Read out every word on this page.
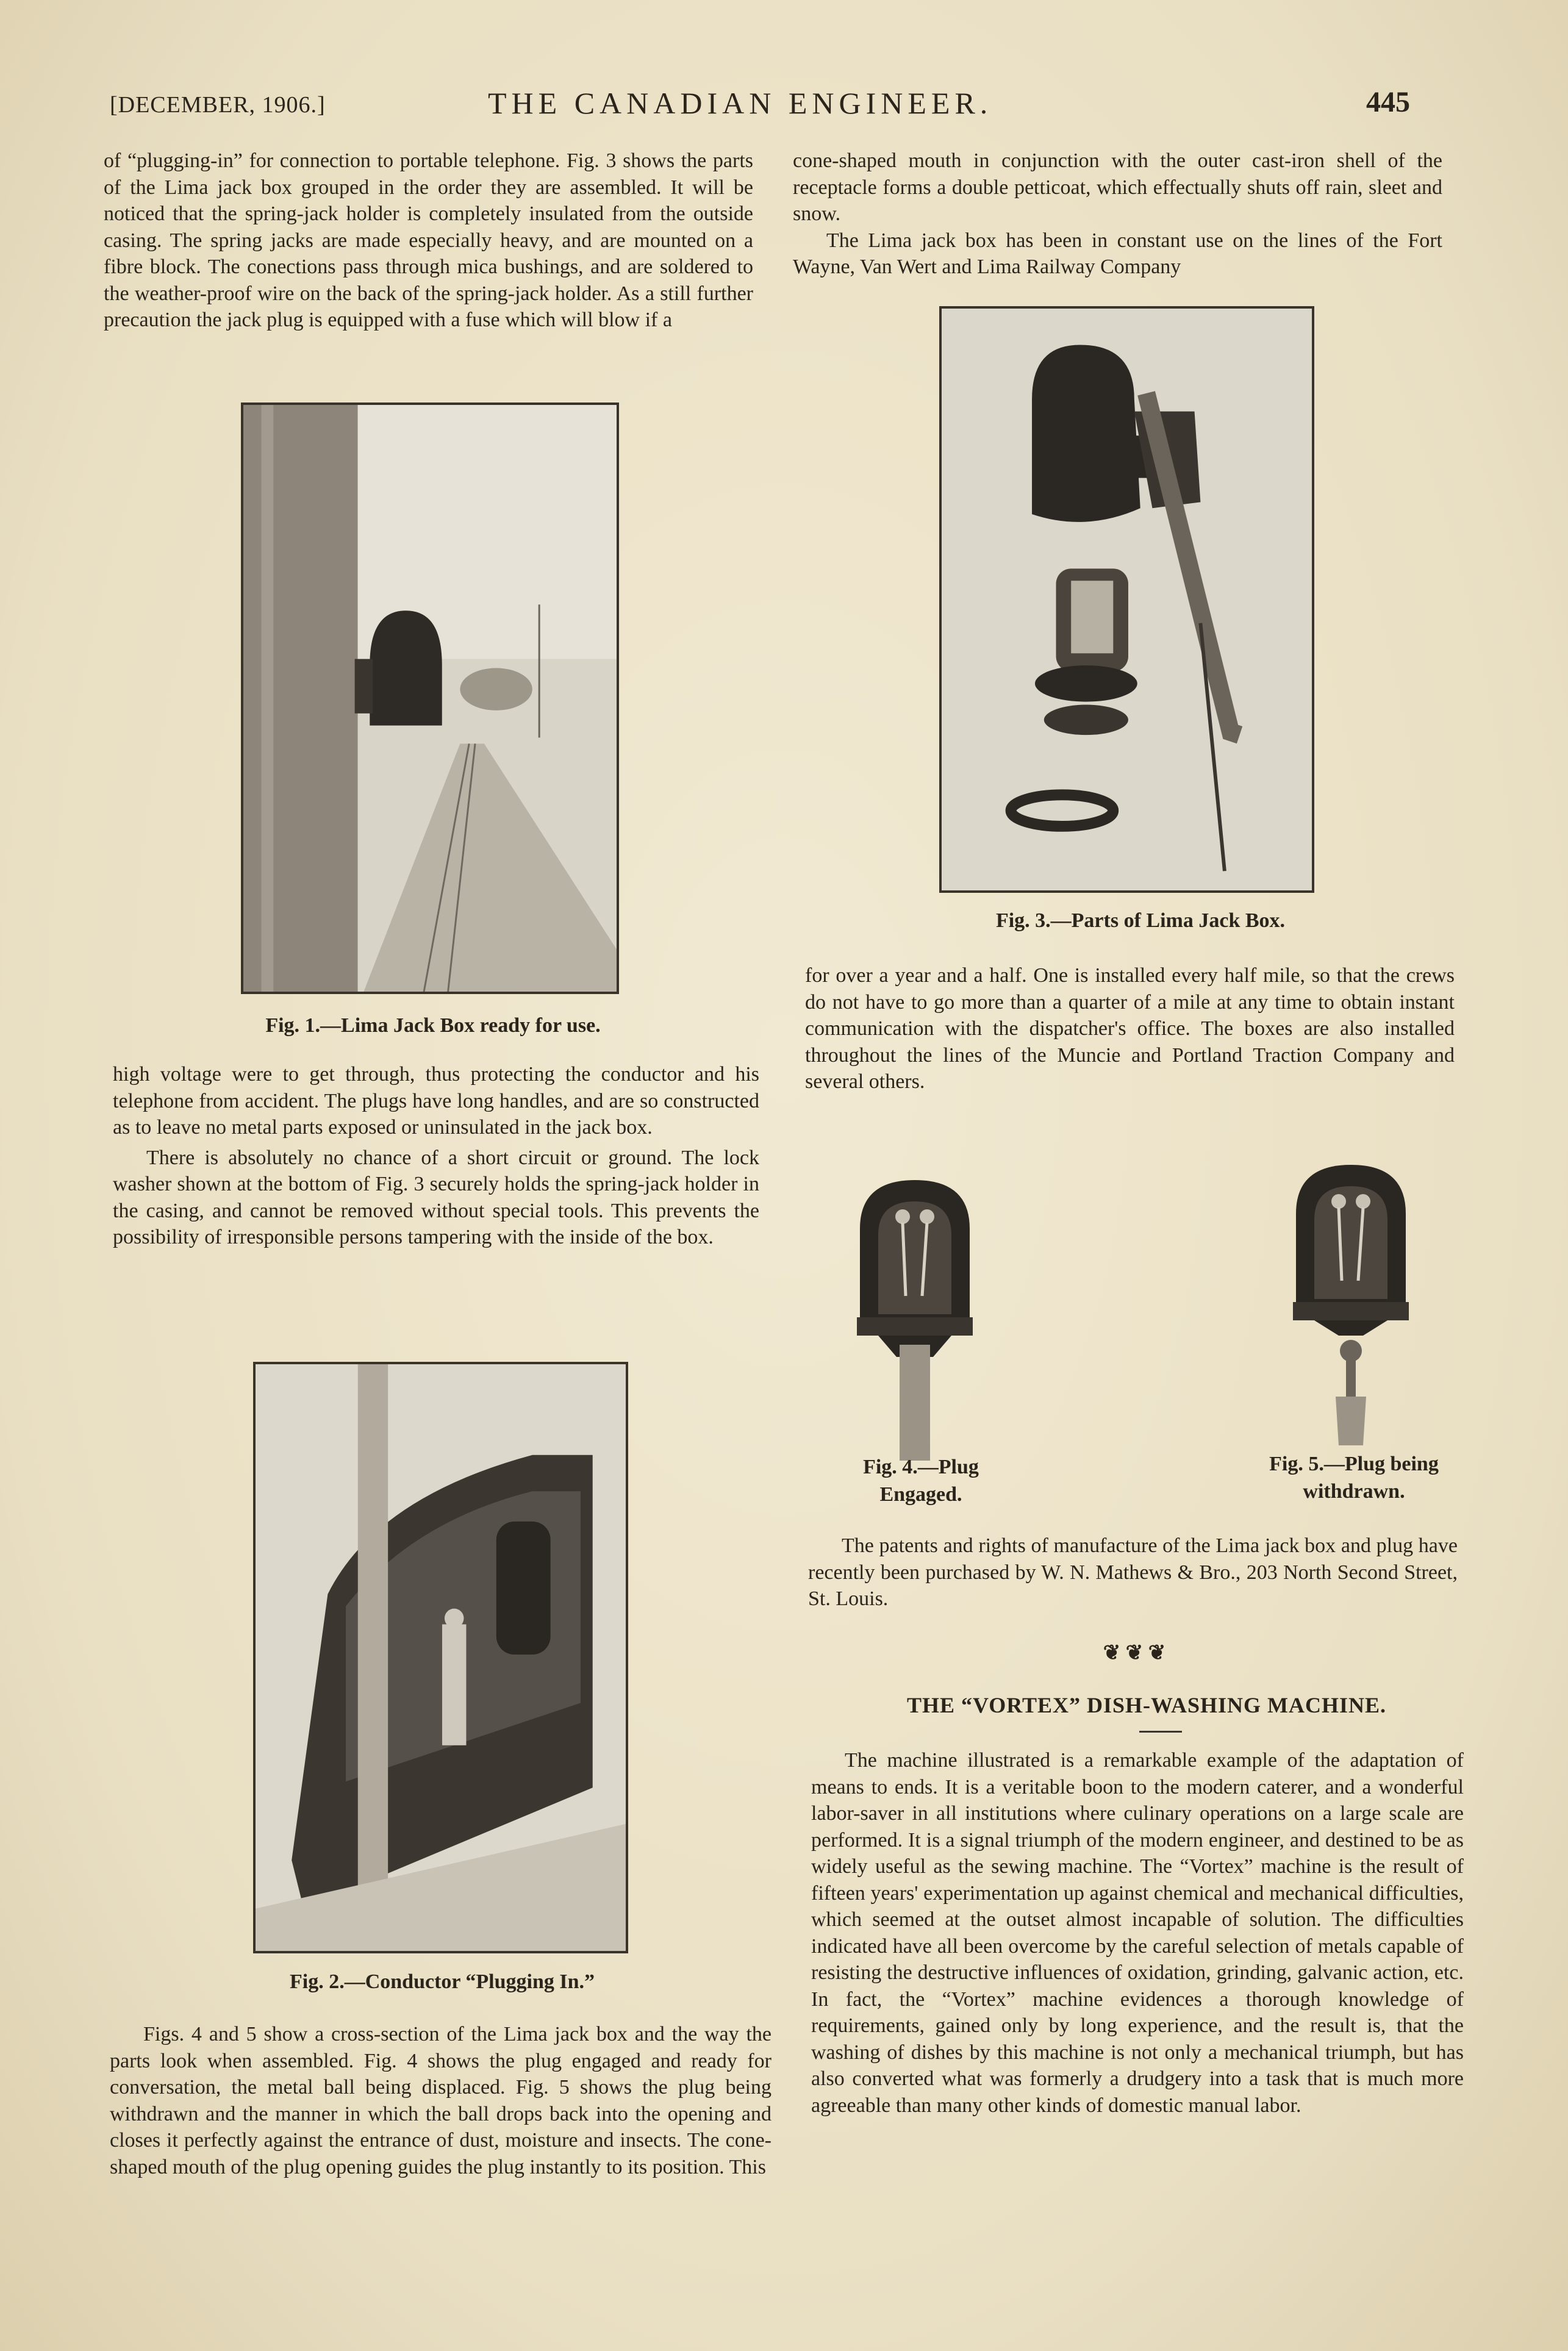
[DECEMBER, 1906.]	THE CANADIAN ENGINEER.	445

of “plugging-in” for connection to portable telephone. Fig. 3 shows the parts of the Lima jack box grouped in the order they are assembled. It will be noticed that the spring-jack holder is completely insulated from the outside casing. The spring jacks are made especially heavy, and are mounted on a fibre block. The conections pass through mica bushings, and are soldered to the weather-proof wire on the back of the spring-jack holder. As a still further precaution the jack plug is equipped with a fuse which will blow if a

Fig. 1.—Lima Jack Box ready for use.

high voltage were to get through, thus protecting the conductor and his telephone from accident. The plugs have long handles, and are so constructed as to leave no metal parts exposed or uninsulated in the jack box.

There is absolutely no chance of a short circuit or ground. The lock washer shown at the bottom of Fig. 3 securely holds the spring-jack holder in the casing, and cannot be removed without special tools. This prevents the possibility of irresponsible persons tampering with the inside of the box.

Fig. 2.—Conductor “Plugging In.”

Figs. 4 and 5 show a cross-section of the Lima jack box and the way the parts look when assembled. Fig. 4 shows the plug engaged and ready for conversation, the metal ball being displaced. Fig. 5 shows the plug being withdrawn and the manner in which the ball drops back into the opening and closes it perfectly against the entrance of dust, moisture and insects. The cone-shaped mouth of the plug opening guides the plug instantly to its position. This

cone-shaped mouth in conjunction with the outer cast-iron shell of the receptacle forms a double petticoat, which effectually shuts off rain, sleet and snow.

The Lima jack box has been in constant use on the lines of the Fort Wayne, Van Wert and Lima Railway Company

Fig. 3.—Parts of Lima Jack Box.

for over a year and a half. One is installed every half mile, so that the crews do not have to go more than a quarter of a mile at any time to obtain instant communication with the dispatcher's office. The boxes are also installed throughout the lines of the Muncie and Portland Traction Company and several others.

Fig. 4.—Plug
Engaged.
Fig. 5.—Plug being
withdrawn.

The patents and rights of manufacture of the Lima jack box and plug have recently been purchased by W. N. Mathews & Bro., 203 North Second Street, St. Louis.

❦ ❦ ❦
THE “VORTEX” DISH-WASHING MACHINE.

The machine illustrated is a remarkable example of the adaptation of means to ends. It is a veritable boon to the modern caterer, and a wonderful labor-saver in all institutions where culinary operations on a large scale are performed. It is a signal triumph of the modern engineer, and destined to be as widely useful as the sewing machine. The “Vortex” machine is the result of fifteen years' experimentation up against chemical and mechanical difficulties, which seemed at the outset almost incapable of solution. The difficulties indicated have all been overcome by the careful selection of metals capable of resisting the destructive influences of oxidation, grinding, galvanic action, etc. In fact, the “Vortex” machine evidences a thorough knowledge of requirements, gained only by long experience, and the result is, that the washing of dishes by this machine is not only a mechanical triumph, but has also converted what was formerly a drudgery into a task that is much more agreeable than many other kinds of domestic manual labor.
